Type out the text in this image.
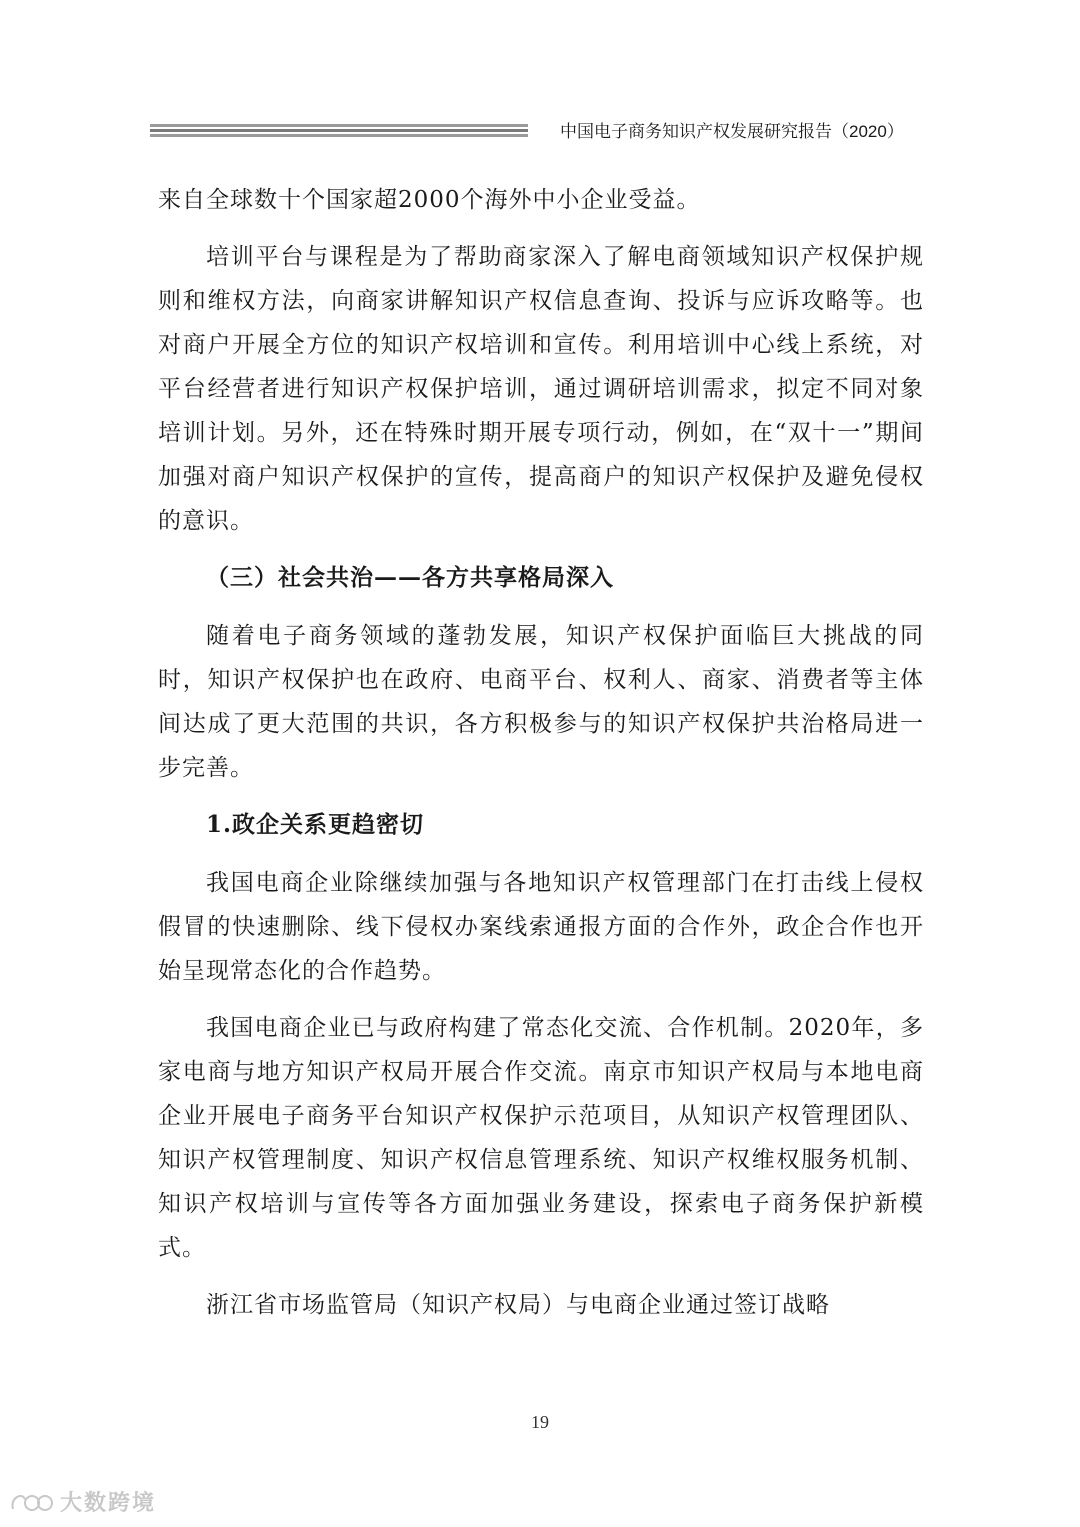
中国电子商务知识产权发展研究报告（2020）

来自全球数十个国家超2000个海外中小企业受益。

培训平台与课程是为了帮助商家深入了解电商领域知识产权保护规则和维权方法，向商家讲解知识产权信息查询、投诉与应诉攻略等。也对商户开展全方位的知识产权培训和宣传。利用培训中心线上系统，对平台经营者进行知识产权保护培训，通过调研培训需求，拟定不同对象培训计划。另外，还在特殊时期开展专项行动，例如，在“双十一”期间加强对商户知识产权保护的宣传，提高商户的知识产权保护及避免侵权的意识。

（三）社会共治——各方共享格局深入

随着电子商务领域的蓬勃发展，知识产权保护面临巨大挑战的同时，知识产权保护也在政府、电商平台、权利人、商家、消费者等主体间达成了更大范围的共识，各方积极参与的知识产权保护共治格局进一步完善。

1.政企关系更趋密切

我国电商企业除继续加强与各地知识产权管理部门在打击线上侵权假冒的快速删除、线下侵权办案线索通报方面的合作外，政企合作也开始呈现常态化的合作趋势。

我国电商企业已与政府构建了常态化交流、合作机制。2020年，多家电商与地方知识产权局开展合作交流。南京市知识产权局与本地电商企业开展电子商务平台知识产权保护示范项目，从知识产权管理团队、知识产权管理制度、知识产权信息管理系统、知识产权维权服务机制、知识产权培训与宣传等各方面加强业务建设，探索电子商务保护新模式。

浙江省市场监管局（知识产权局）与电商企业通过签订战略

19
大数跨境
